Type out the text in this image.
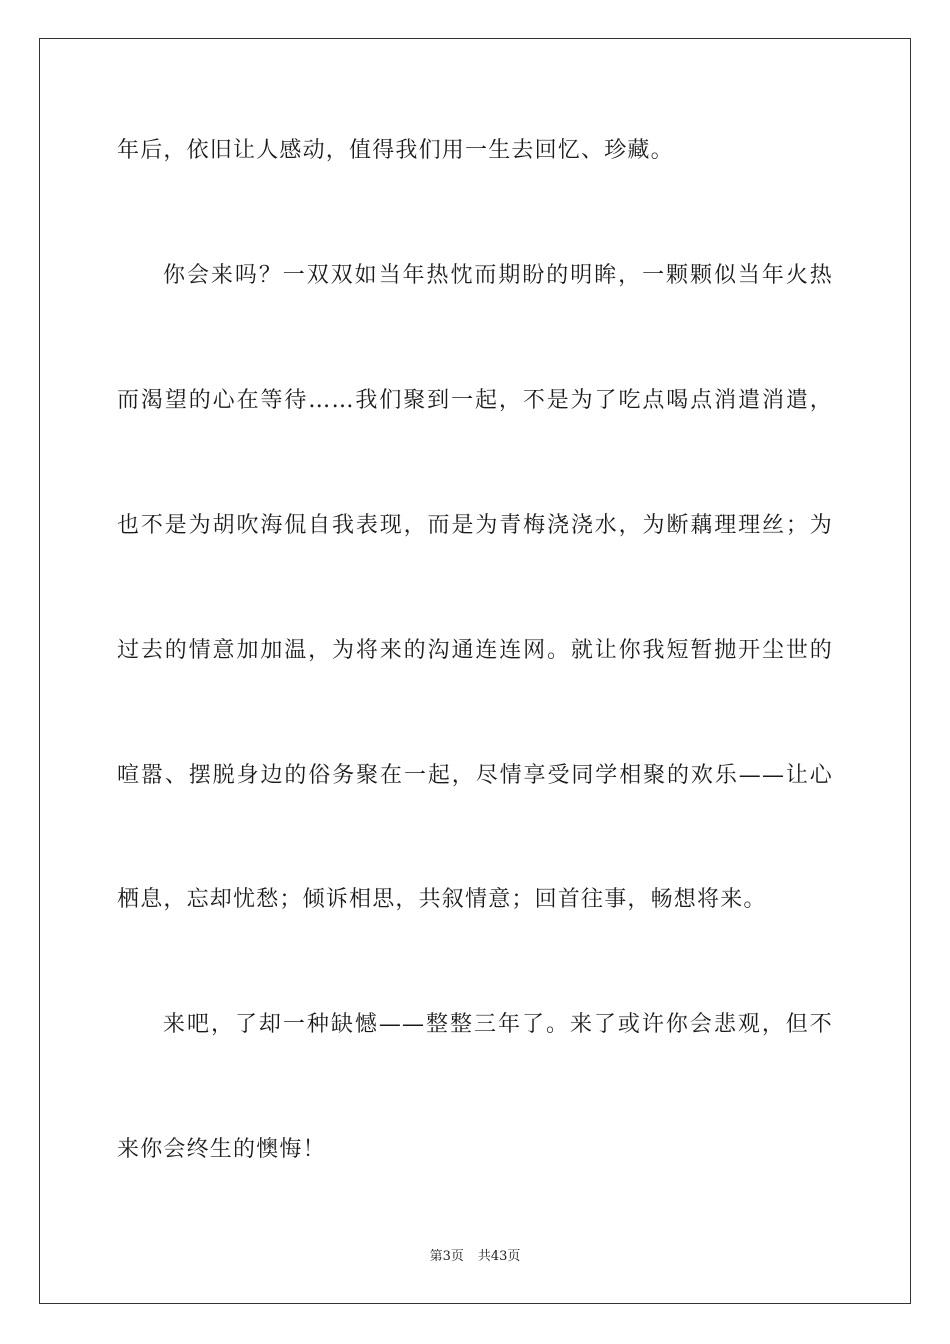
年后，依旧让人感动，值得我们用一生去回忆、珍藏。
你会来吗？一双双如当年热忱而期盼的明眸，一颗颗似当年火热
而渴望的心在等待……我们聚到一起，不是为了吃点喝点消遣消遣，
也不是为胡吹海侃自我表现，而是为青梅浇浇水，为断藕理理丝；为
过去的情意加加温，为将来的沟通连连网。就让你我短暂抛开尘世的
喧嚣、摆脱身边的俗务聚在一起，尽情享受同学相聚的欢乐——让心
栖息，忘却忧愁；倾诉相思，共叙情意；回首往事，畅想将来。
来吧，了却一种缺憾——整整三年了。来了或许你会悲观，但不
来你会终生的懊悔！
第3页 共43页
